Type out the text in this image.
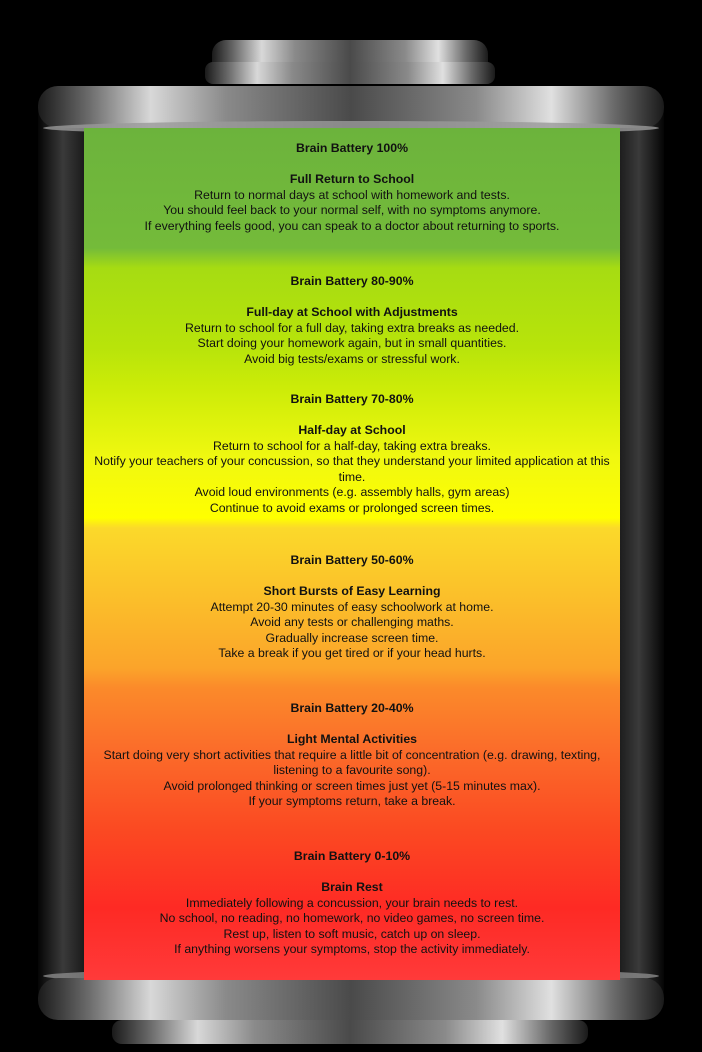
Brain Battery 100%
Full Return to School
Return to normal days at school with homework and tests.
You should feel back to your normal self, with no symptoms anymore.
If everything feels good, you can speak to a doctor about returning to sports.
Brain Battery 80-90%
Full-day at School with Adjustments
Return to school for a full day, taking extra breaks as needed.
Start doing your homework again, but in small quantities.
Avoid big tests/exams or stressful work.
Brain Battery 70-80%
Half-day at School
Return to school for a half-day, taking extra breaks.
Notify your teachers of your concussion, so that they understand your limited application at this time.
Avoid loud environments (e.g. assembly halls, gym areas)
Continue to avoid exams or prolonged screen times.
Brain Battery 50-60%
Short Bursts of Easy Learning
Attempt 20-30 minutes of easy schoolwork at home.
Avoid any tests or challenging maths.
Gradually increase screen time.
Take a break if you get tired or if your head hurts.
Brain Battery 20-40%
Light Mental Activities
Start doing very short activities that require a little bit of concentration (e.g. drawing, texting, listening to a favourite song).
Avoid prolonged thinking or screen times just yet (5-15 minutes max).
If your symptoms return, take a break.
Brain Battery 0-10%
Brain Rest
Immediately following a concussion, your brain needs to rest.
No school, no reading, no homework, no video games, no screen time.
Rest up, listen to soft music, catch up on sleep.
If anything worsens your symptoms, stop the activity immediately.
